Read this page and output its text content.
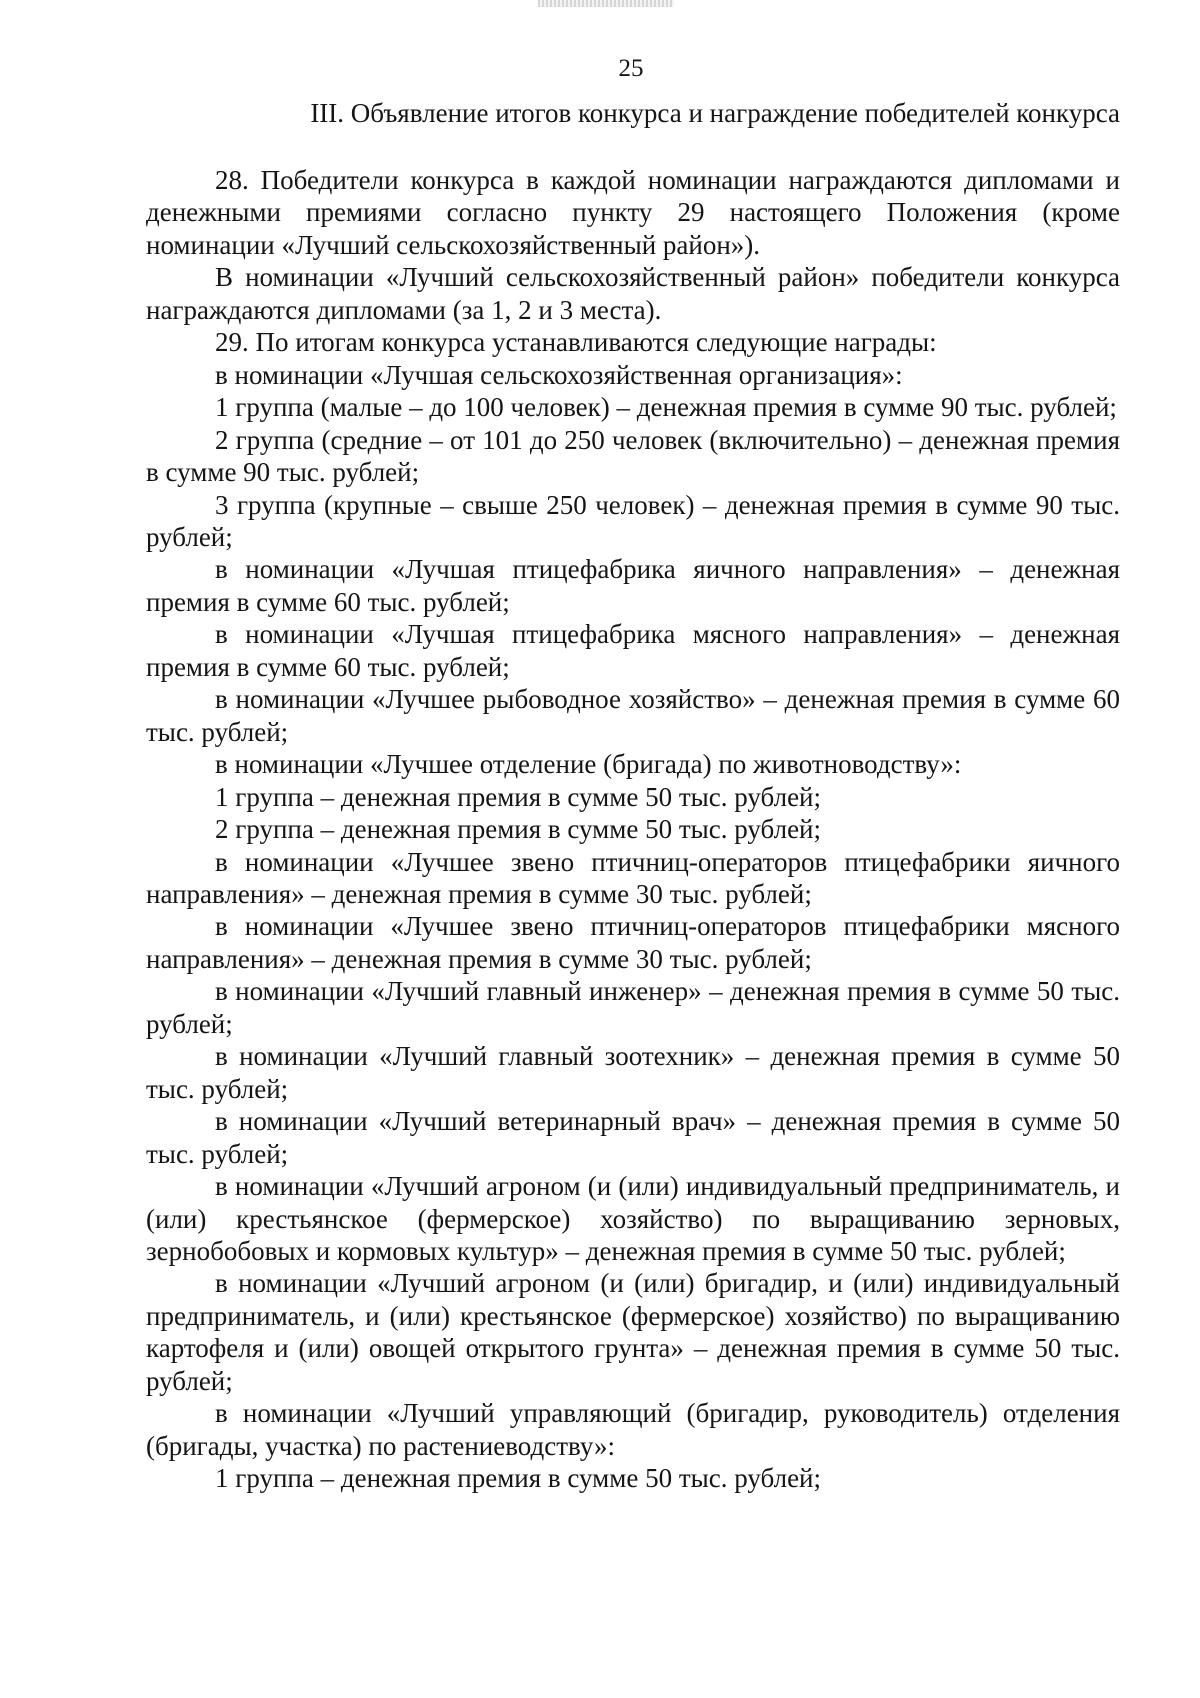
25
III. Объявление итогов конкурса и награждение победителей конкурса

28. Победители конкурса в каждой номинации награждаются дипломами и денежными премиями согласно пункту 29 настоящего Положения (кроме номинации «Лучший сельскохозяйственный район»).

В номинации «Лучший сельскохозяйственный район» победители конкурса награждаются дипломами (за 1, 2 и 3 места).

29. По итогам конкурса устанавливаются следующие награды:

в номинации «Лучшая сельскохозяйственная организация»:

1 группа (малые – до 100 человек) – денежная премия в сумме 90 тыс. рублей;

2 группа (средние – от 101 до 250 человек (включительно) – денежная премия в сумме 90 тыс. рублей;

3 группа (крупные – свыше 250 человек) – денежная премия в сумме 90 тыс. рублей;

в номинации «Лучшая птицефабрика яичного направления» – денежная премия в сумме 60 тыс. рублей;

в номинации «Лучшая птицефабрика мясного направления» – денежная премия в сумме 60 тыс. рублей;

в номинации «Лучшее рыбоводное хозяйство» – денежная премия в сумме 60 тыс. рублей;

в номинации «Лучшее отделение (бригада) по животноводству»:

1 группа – денежная премия в сумме 50 тыс. рублей;

2 группа – денежная премия в сумме 50 тыс. рублей;

в номинации «Лучшее звено птичниц-операторов птицефабрики яичного направления» – денежная премия в сумме 30 тыс. рублей;

в номинации «Лучшее звено птичниц-операторов птицефабрики мясного направления» – денежная премия в сумме 30 тыс. рублей;

в номинации «Лучший главный инженер» – денежная премия в сумме 50 тыс. рублей;

в номинации «Лучший главный зоотехник» – денежная премия в сумме 50 тыс. рублей;

в номинации «Лучший ветеринарный врач» – денежная премия в сумме 50 тыс. рублей;

в номинации «Лучший агроном (и (или) индивидуальный предприниматель, и (или) крестьянское (фермерское) хозяйство) по выращиванию зерновых, зернобобовых и кормовых культур» – денежная премия в сумме 50 тыс. рублей;

в номинации «Лучший агроном (и (или) бригадир, и (или) индивидуальный предприниматель, и (или) крестьянское (фермерское) хозяйство) по выращиванию картофеля и (или) овощей открытого грунта» – денежная премия в сумме 50 тыс. рублей;

в номинации «Лучший управляющий (бригадир, руководитель) отделения (бригады, участка) по растениеводству»:

1 группа – денежная премия в сумме 50 тыс. рублей;
